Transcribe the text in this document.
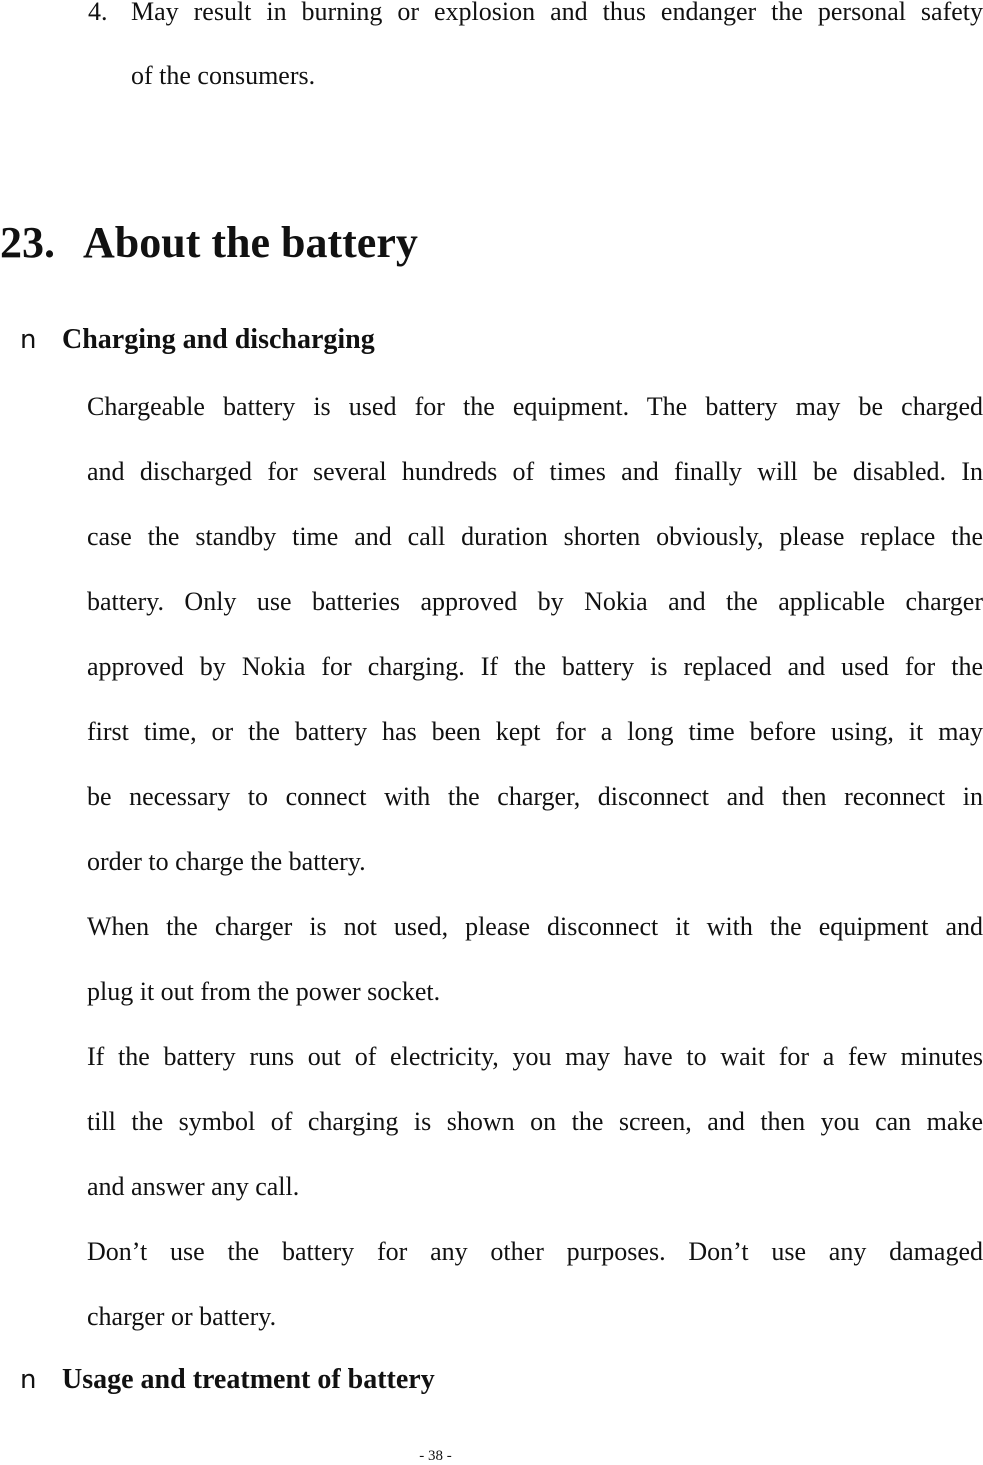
4. May result in burning or explosion and thus endanger the personal safety
of the consumers.
23. About the battery
n Charging and discharging
Chargeable battery is used for the equipment. The battery may be charged
and discharged for several hundreds of times and finally will be disabled. In
case the standby time and call duration shorten obviously, please replace the
battery. Only use batteries approved by Nokia and the applicable charger
approved by Nokia for charging. If the battery is replaced and used for the
first time, or the battery has been kept for a long time before using, it may
be necessary to connect with the charger, disconnect and then reconnect in
order to charge the battery.
When the charger is not used, please disconnect it with the equipment and
plug it out from the power socket.
If the battery runs out of electricity, you may have to wait for a few minutes
till the symbol of charging is shown on the screen, and then you can make
and answer any call.
Don’t use the battery for any other purposes. Don’t use any damaged
charger or battery.
n Usage and treatment of battery
- 38 -
